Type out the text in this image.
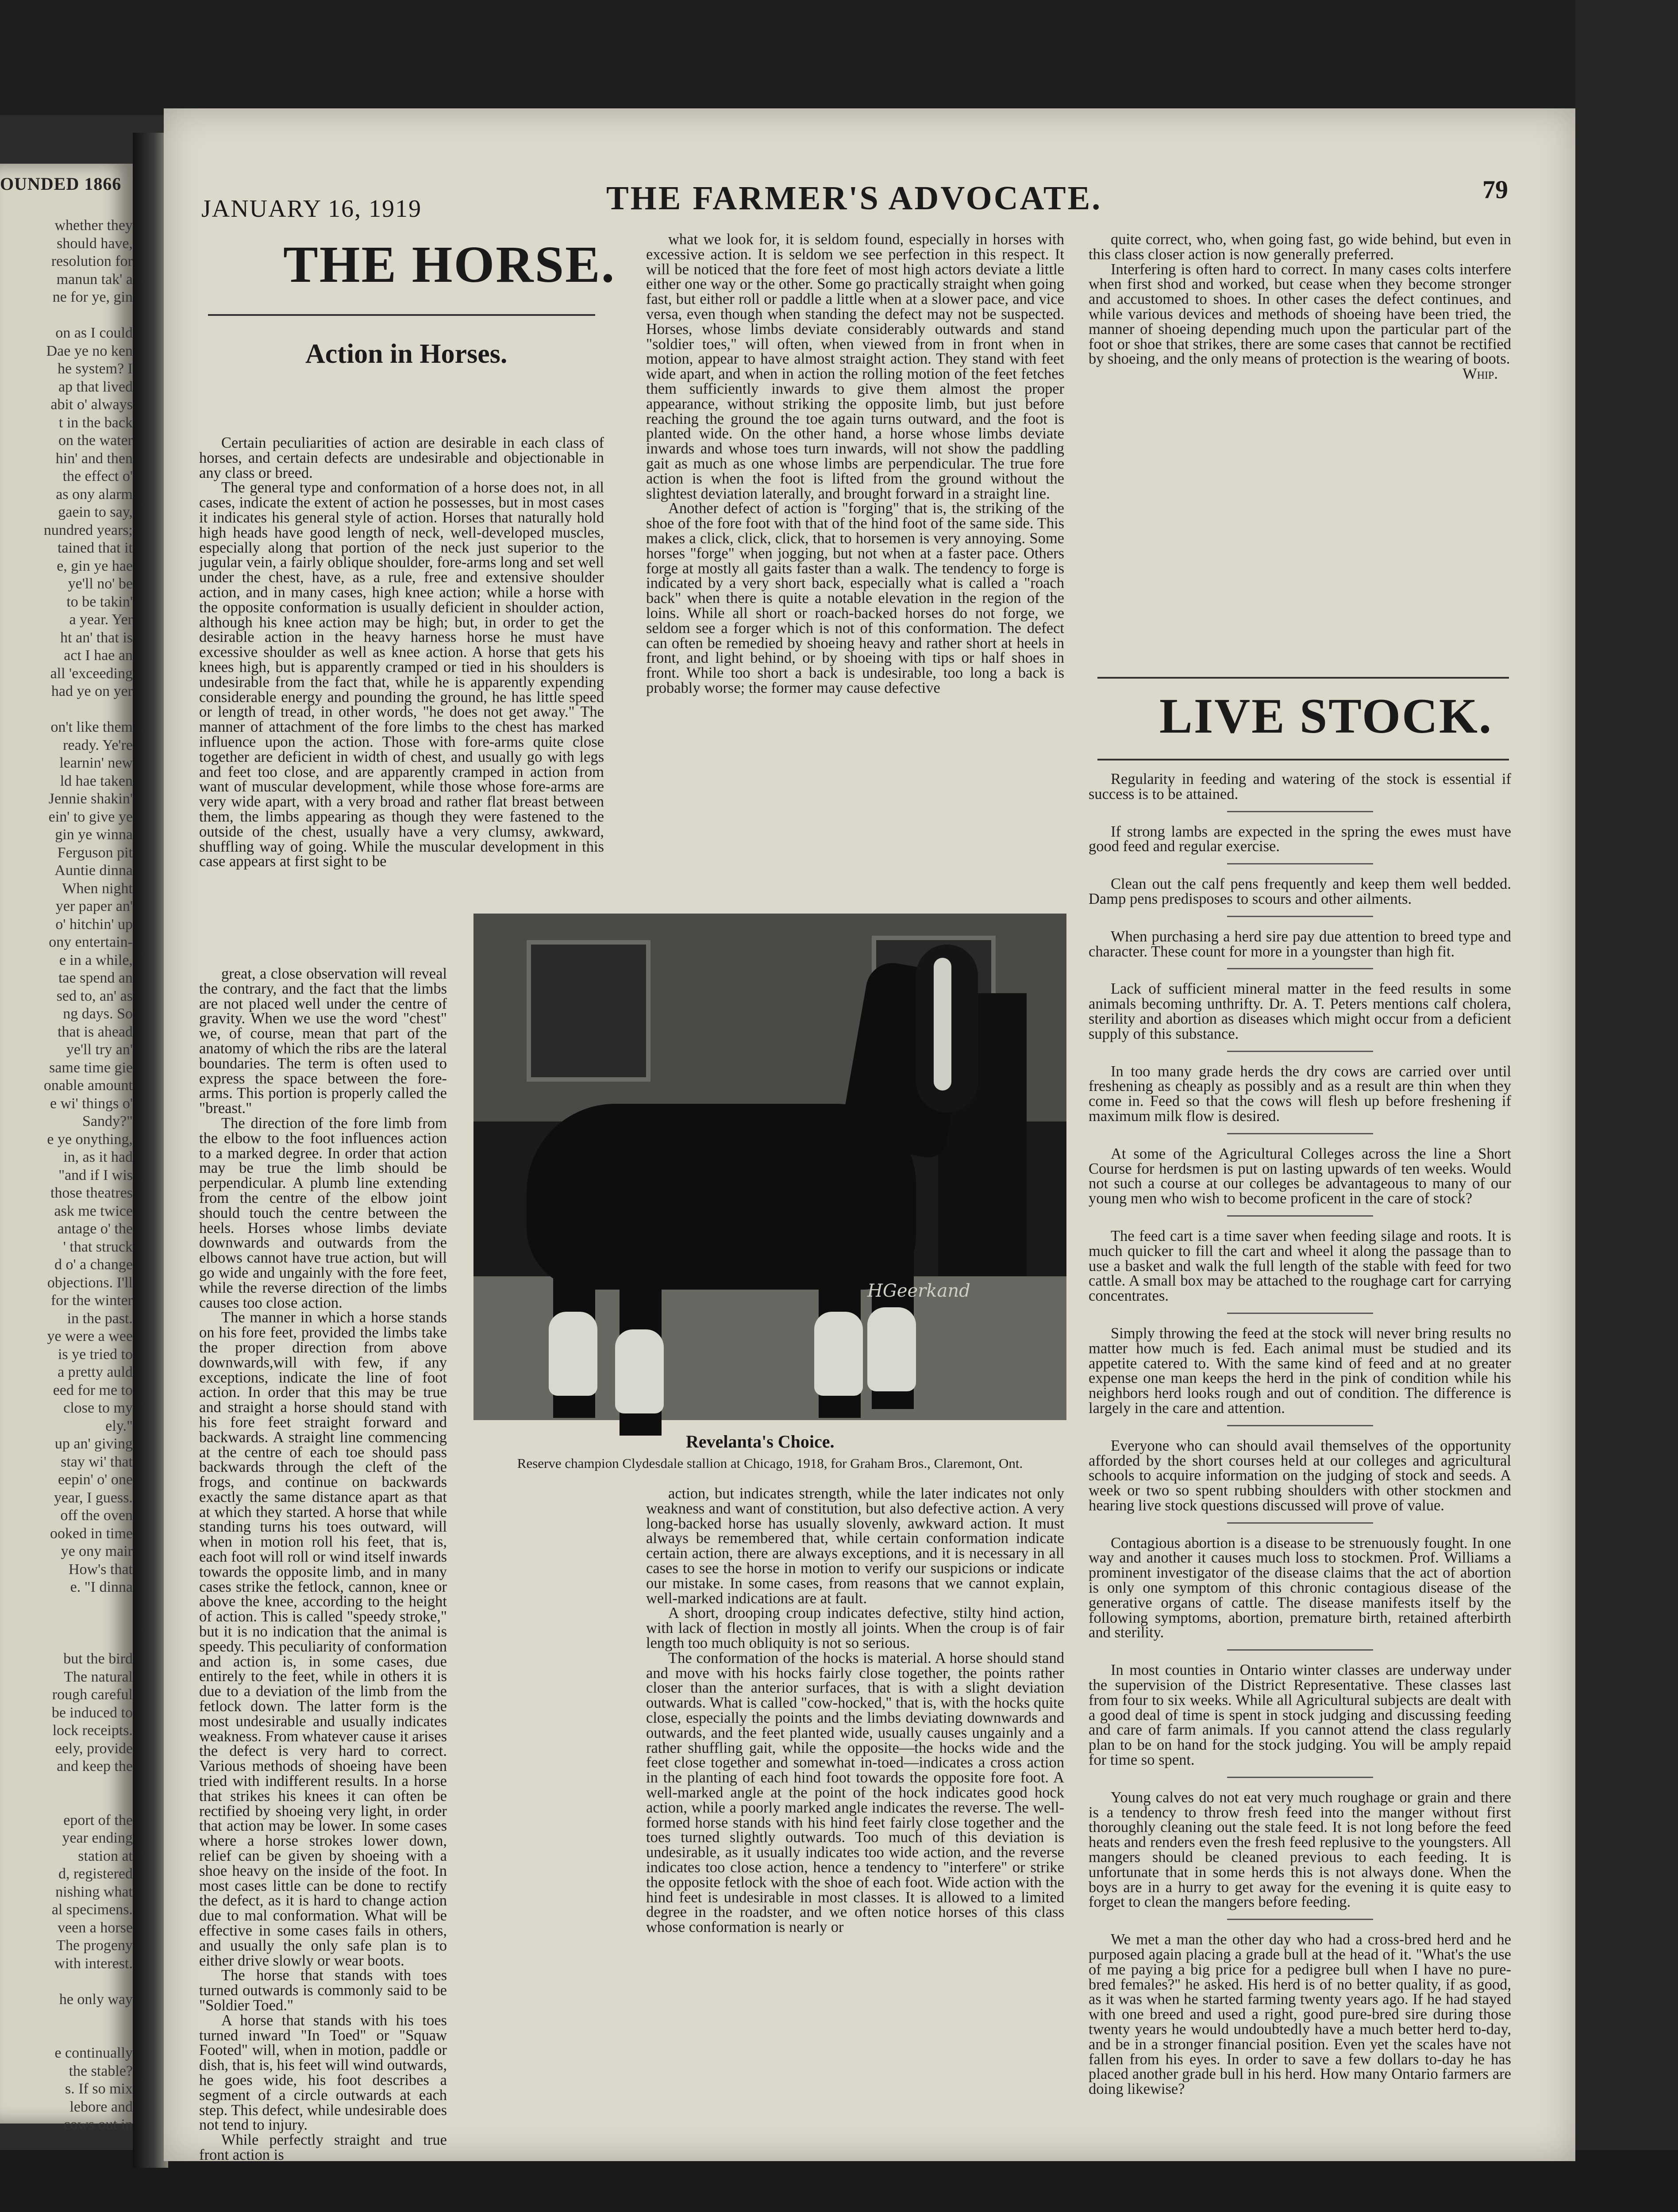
OUNDED 1866
whether they
should have,
resolution for
manun tak' a
ne for ye, gin
on as I could
Dae ye no ken
he system? I
ap that lived
abit o' always
t in the back
on the water
hin' and then
the effect o'
as ony alarm
gaein to say,
nundred years;
tained that it
e, gin ye hae
ye'll no' be
to be takin'
a year. Yer
ht an' that is
act I hae an
all 'exceeding
had ye on yer
on't like them
ready. Ye're
learnin' new
ld hae taken
Jennie shakin'
ein' to give ye
gin ye winna
Ferguson pit
Auntie dinna
When night
yer paper an'
o' hitchin' up
ony entertain-
e in a while,
tae spend an
sed to, an' as
ng days. So
that is ahead
ye'll try an'
same time gie
onable amount
e wi' things o'
Sandy?"
e ye onything,
in, as it had
"and if I wis
those theatres
ask me twice
antage o' the
' that struck
d o' a change
objections. I'll
for the winter
in the past.
ye were a wee
is ye tried to
a pretty auld
eed for me to
close to my
ely."
up an' giving
stay wi' that
eepin' o' one
year, I guess.
off the oven
ooked in time
ye ony mair
How's that
e. "I dinna
but the bird
The natural
rough careful
be induced to
lock receipts.
eely, provide
and keep the
eport of the
year ending
station at
d, registered
nishing what
al specimens.
veen a horse
The progeny
with interest.
he only way
e continually
the stable?
s. If so mix
lebore and
cows out in
JANUARY 16, 1919	THE FARMER'S ADVOCATE.	79
THE HORSE.
Action in Horses.

Certain peculiarities of action are desirable in each class of horses, and certain defects are undesirable and objectionable in any class or breed.

The general type and conformation of a horse does not, in all cases, indicate the extent of action he possesses, but in most cases it indicates his general style of action. Horses that naturally hold high heads have good length of neck, well-developed muscles, especially along that portion of the neck just superior to the jugular vein, a fairly oblique shoulder, fore-arms long and set well under the chest, have, as a rule, free and extensive shoulder action, and in many cases, high knee action; while a horse with the opposite conformation is usually deficient in shoulder action, although his knee action may be high; but, in order to get the desirable action in the heavy harness horse he must have excessive shoulder as well as knee action. A horse that gets his knees high, but is apparently cramped or tied in his shoulders is undesirable from the fact that, while he is apparently expending considerable energy and pounding the ground, he has little speed or length of tread, in other words, "he does not get away." The manner of attachment of the fore limbs to the chest has marked influence upon the action. Those with fore-arms quite close together are deficient in width of chest, and usually go with legs and feet too close, and are apparently cramped in action from want of muscular development, while those whose fore-arms are very wide apart, with a very broad and rather flat breast between them, the limbs appearing as though they were fastened to the outside of the chest, usually have a very clumsy, awkward, shuffling way of going. While the muscular development in this case appears at first sight to be

great, a close observation will reveal the contrary, and the fact that the limbs are not placed well under the centre of gravity. When we use the word "chest" we, of course, mean that part of the anatomy of which the ribs are the lateral boundaries. The term is often used to express the space between the fore-arms. This portion is properly called the "breast."

The direction of the fore limb from the elbow to the foot influences action to a marked degree. In order that action may be true the limb should be perpendicular. A plumb line extending from the centre of the elbow joint should touch the centre between the heels. Horses whose limbs deviate downwards and outwards from the elbows cannot have true action, but will go wide and ungainly with the fore feet, while the reverse direction of the limbs causes too close action.

The manner in which a horse stands on his fore feet, provided the limbs take the proper direction from above downwards,will with few, if any exceptions, indicate the line of foot action. In order that this may be true and straight a horse should stand with his fore feet straight forward and backwards. A straight line commencing at the centre of each toe should pass backwards through the cleft of the frogs, and continue on backwards exactly the same distance apart as that at which they started. A horse that while standing turns his toes outward, will when in motion roll his feet, that is, each foot will roll or wind itself inwards towards the opposite limb, and in many cases strike the fetlock, cannon, knee or above the knee, according to the height of action. This is called "speedy stroke," but it is no indication that the animal is speedy. This peculiarity of conformation and action is, in some cases, due entirely to the feet, while in others it is due to a deviation of the limb from the fetlock down. The latter form is the most undesirable and usually indicates weakness. From whatever cause it arises the defect is very hard to correct. Various methods of shoeing have been tried with indifferent results. In a horse that strikes his knees it can often be rectified by shoeing very light, in order that action may be lower. In some cases where a horse strokes lower down, relief can be given by shoeing with a shoe heavy on the inside of the foot. In most cases little can be done to rectify the defect, as it is hard to change action due to mal conformation. What will be effective in some cases fails in others, and usually the only safe plan is to either drive slowly or wear boots.

The horse that stands with toes turned outwards is commonly said to be "Soldier Toed."

A horse that stands with his toes turned inward "In Toed" or "Squaw Footed" will, when in motion, paddle or dish, that is, his feet will wind outwards, he goes wide, his foot describes a segment of a circle outwards at each step. This defect, while undesirable does not tend to injury.

While perfectly straight and true front action is

what we look for, it is seldom found, especially in horses with excessive action. It is seldom we see perfection in this respect. It will be noticed that the fore feet of most high actors deviate a little either one way or the other. Some go practically straight when going fast, but either roll or paddle a little when at a slower pace, and vice versa, even though when standing the defect may not be suspected. Horses, whose limbs deviate considerably outwards and stand "soldier toes," will often, when viewed from in front when in motion, appear to have almost straight action. They stand with feet wide apart, and when in action the rolling motion of the feet fetches them sufficiently inwards to give them almost the proper appearance, without striking the opposite limb, but just before reaching the ground the toe again turns outward, and the foot is planted wide. On the other hand, a horse whose limbs deviate inwards and whose toes turn inwards, will not show the paddling gait as much as one whose limbs are perpendicular. The true fore action is when the foot is lifted from the ground without the slightest deviation laterally, and brought forward in a straight line.

Another defect of action is "forging" that is, the striking of the shoe of the fore foot with that of the hind foot of the same side. This makes a click, click, click, that to horsemen is very annoying. Some horses "forge" when jogging, but not when at a faster pace. Others forge at mostly all gaits faster than a walk. The tendency to forge is indicated by a very short back, especially what is called a "roach back" when there is quite a notable elevation in the region of the loins. While all short or roach-backed horses do not forge, we seldom see a forger which is not of this conformation. The defect can often be remedied by shoeing heavy and rather short at heels in front, and light behind, or by shoeing with tips or half shoes in front. While too short a back is undesirable, too long a back is probably worse; the former may cause defective

action, but indicates strength, while the later indicates not only weakness and want of constitution, but also defective action. A very long-backed horse has usually slovenly, awkward action. It must always be remembered that, while certain conformation indicate certain action, there are always exceptions, and it is necessary in all cases to see the horse in motion to verify our suspicions or indicate our mistake. In some cases, from reasons that we cannot explain, well-marked indications are at fault.

A short, drooping croup indicates defective, stilty hind action, with lack of flection in mostly all joints. When the croup is of fair length too much obliquity is not so serious.

The conformation of the hocks is material. A horse should stand and move with his hocks fairly close together, the points rather closer than the anterior surfaces, that is with a slight deviation outwards. What is called "cow-hocked," that is, with the hocks quite close, especially the points and the limbs deviating downwards and outwards, and the feet planted wide, usually causes ungainly and a rather shuffling gait, while the opposite—the hocks wide and the feet close together and somewhat in-toed—indicates a cross action in the planting of each hind foot towards the opposite fore foot. A well-marked angle at the point of the hock indicates good hock action, while a poorly marked angle indicates the reverse. The well-formed horse stands with his hind feet fairly close together and the toes turned slightly outwards. Too much of this deviation is undesirable, as it usually indicates too wide action, and the reverse indicates too close action, hence a tendency to "interfere" or strike the opposite fetlock with the shoe of each foot. Wide action with the hind feet is undesirable in most classes. It is allowed to a limited degree in the roadster, and we often notice horses of this class whose conformation is nearly or

quite correct, who, when going fast, go wide behind, but even in this class closer action is now generally preferred.

Interfering is often hard to correct. In many cases colts interfere when first shod and worked, but cease when they become stronger and accustomed to shoes. In other cases the defect continues, and while various devices and methods of shoeing have been tried, the manner of shoeing depending much upon the particular part of the foot or shoe that strikes, there are some cases that cannot be rectified by shoeing, and the only means of protection is the wearing of boots.

Whip.
LIVE STOCK.

Regularity in feeding and watering of the stock is essential if success is to be attained.

If strong lambs are expected in the spring the ewes must have good feed and regular exercise.

Clean out the calf pens frequently and keep them well bedded. Damp pens predisposes to scours and other ailments.

When purchasing a herd sire pay due attention to breed type and character. These count for more in a youngster than high fit.

Lack of sufficient mineral matter in the feed results in some animals becoming unthrifty. Dr. A. T. Peters mentions calf cholera, sterility and abortion as diseases which might occur from a deficient supply of this substance.

In too many grade herds the dry cows are carried over until freshening as cheaply as possibly and as a result are thin when they come in. Feed so that the cows will flesh up before freshening if maximum milk flow is desired.

At some of the Agricultural Colleges across the line a Short Course for herdsmen is put on lasting upwards of ten weeks. Would not such a course at our colleges be advantageous to many of our young men who wish to become proficent in the care of stock?

The feed cart is a time saver when feeding silage and roots. It is much quicker to fill the cart and wheel it along the passage than to use a basket and walk the full length of the stable with feed for two cattle. A small box may be attached to the roughage cart for carrying concentrates.

Simply throwing the feed at the stock will never bring results no matter how much is fed. Each animal must be studied and its appetite catered to. With the same kind of feed and at no greater expense one man keeps the herd in the pink of condition while his neighbors herd looks rough and out of condition. The difference is largely in the care and attention.

Everyone who can should avail themselves of the opportunity afforded by the short courses held at our colleges and agricultural schools to acquire information on the judging of stock and seeds. A week or two so spent rubbing shoulders with other stockmen and hearing live stock questions discussed will prove of value.

Contagious abortion is a disease to be strenuously fought. In one way and another it causes much loss to stockmen. Prof. Williams a prominent investigator of the disease claims that the act of abortion is only one symptom of this chronic contagious disease of the generative organs of cattle. The disease manifests itself by the following symptoms, abortion, premature birth, retained afterbirth and sterility.

In most counties in Ontario winter classes are underway under the supervision of the District Representative. These classes last from four to six weeks. While all Agricultural subjects are dealt with a good deal of time is spent in stock judging and discussing feeding and care of farm animals. If you cannot attend the class regularly plan to be on hand for the stock judging. You will be amply repaid for time so spent.

Young calves do not eat very much roughage or grain and there is a tendency to throw fresh feed into the manger without first thoroughly cleaning out the stale feed. It is not long before the feed heats and renders even the fresh feed replusive to the youngsters. All mangers should be cleaned previous to each feeding. It is unfortunate that in some herds this is not always done. When the boys are in a hurry to get away for the evening it is quite easy to forget to clean the mangers before feeding.

We met a man the other day who had a cross-bred herd and he purposed again placing a grade bull at the head of it. "What's the use of me paying a big price for a pedigree bull when I have no pure-bred females?" he asked. His herd is of no better quality, if as good, as it was when he started farming twenty years ago. If he had stayed with one breed and used a right, good pure-bred sire during those twenty years he would undoubtedly have a much better herd to-day, and be in a stronger financial position. Even yet the scales have not fallen from his eyes. In order to save a few dollars to-day he has placed another grade bull in his herd. How many Ontario farmers are doing likewise?

HGeerkand
Revelanta's Choice.
Reserve champion Clydesdale stallion at Chicago, 1918, for Graham Bros., Claremont, Ont.
